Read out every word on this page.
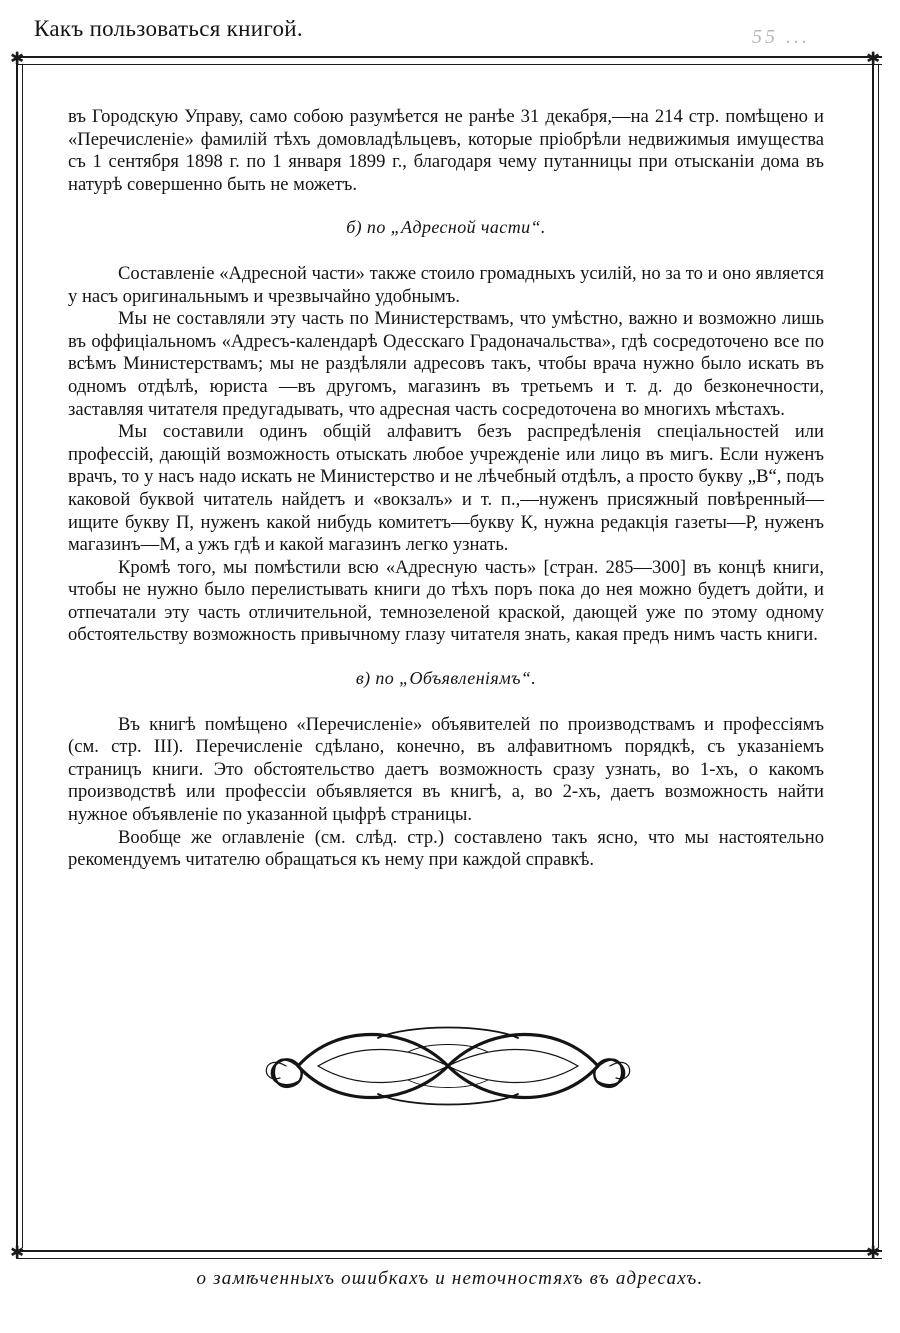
Какъ пользоваться книгой.	55 ...
✱	✱
✱	✱

въ Городскую Управу, само собою разумѣется не ранѣе 31 декабря,—на 214 стр. помѣщено и «Перечисленіе» фамилій тѣхъ домовладѣльцевъ, которые пріобрѣли недвижимыя имущества съ 1 сентября 1898 г. по 1 января 1899 г., благодаря чему путанницы при отысканіи дома въ натурѣ совершенно быть не можетъ.

б) по „Адресной части“.

Составленіе «Адресной части» также стоило громадныхъ усилій, но за то и оно является у насъ оригинальнымъ и чрезвычайно удобнымъ.

Мы не составляли эту часть по Министерствамъ, что умѣстно, важно и возможно лишь въ оффиціальномъ «Адресъ-календарѣ Одесскаго Градоначальства», гдѣ сосредоточено все по всѣмъ Министерствамъ; мы не раздѣляли адресовъ такъ, чтобы врача нужно было искать въ одномъ отдѣлѣ, юриста —въ другомъ, магазинъ въ третьемъ и т. д. до безконечности, заставляя читателя предугадывать, что адресная часть сосредоточена во многихъ мѣстахъ.

Мы составили одинъ общій алфавитъ безъ распредѣленія спеціальностей или профессій, дающій возможность отыскать любое учрежденіе или лицо въ мигъ. Если нуженъ врачъ, то у насъ надо искать не Министерство и не лѣчебный отдѣлъ, а просто букву „В“, подъ каковой буквой читатель найдетъ и «вокзалъ» и т. п.,—нуженъ присяжный повѣренный—ищите букву П, нуженъ какой нибудь комитетъ—букву К, нужна редакція газеты—Р, нуженъ магазинъ—М, а ужъ гдѣ и какой магазинъ легко узнать.

Кромѣ того, мы помѣстили всю «Адресную часть» [стран. 285—300] въ концѣ книги, чтобы не нужно было перелистывать книги до тѣхъ поръ пока до нея можно будетъ дойти, и отпечатали эту часть отличительной, темнозеленой краской, дающей уже по этому одному обстоятельству возможность привычному глазу читателя знать, какая предъ нимъ часть книги.

в) по „Объявленіямъ“.

Въ книгѣ помѣщено «Перечисленіе» объявителей по производствамъ и профессіямъ (см. стр. III). Перечисленіе сдѣлано, конечно, въ алфавитномъ порядкѣ, съ указаніемъ страницъ книги. Это обстоятельство даетъ возможность сразу узнать, во 1-хъ, о какомъ производствѣ или профессіи объявляется въ книгѣ, а, во 2-хъ, даетъ возможность найти нужное объявленіе по указанной цыфрѣ страницы.

Вообще же оглавленіе (см. слѣд. стр.) составлено такъ ясно, что мы настоятельно рекомендуемъ читателю обращаться къ нему при каждой справкѣ.

о замѣченныхъ ошибкахъ и неточностяхъ въ адресахъ.
